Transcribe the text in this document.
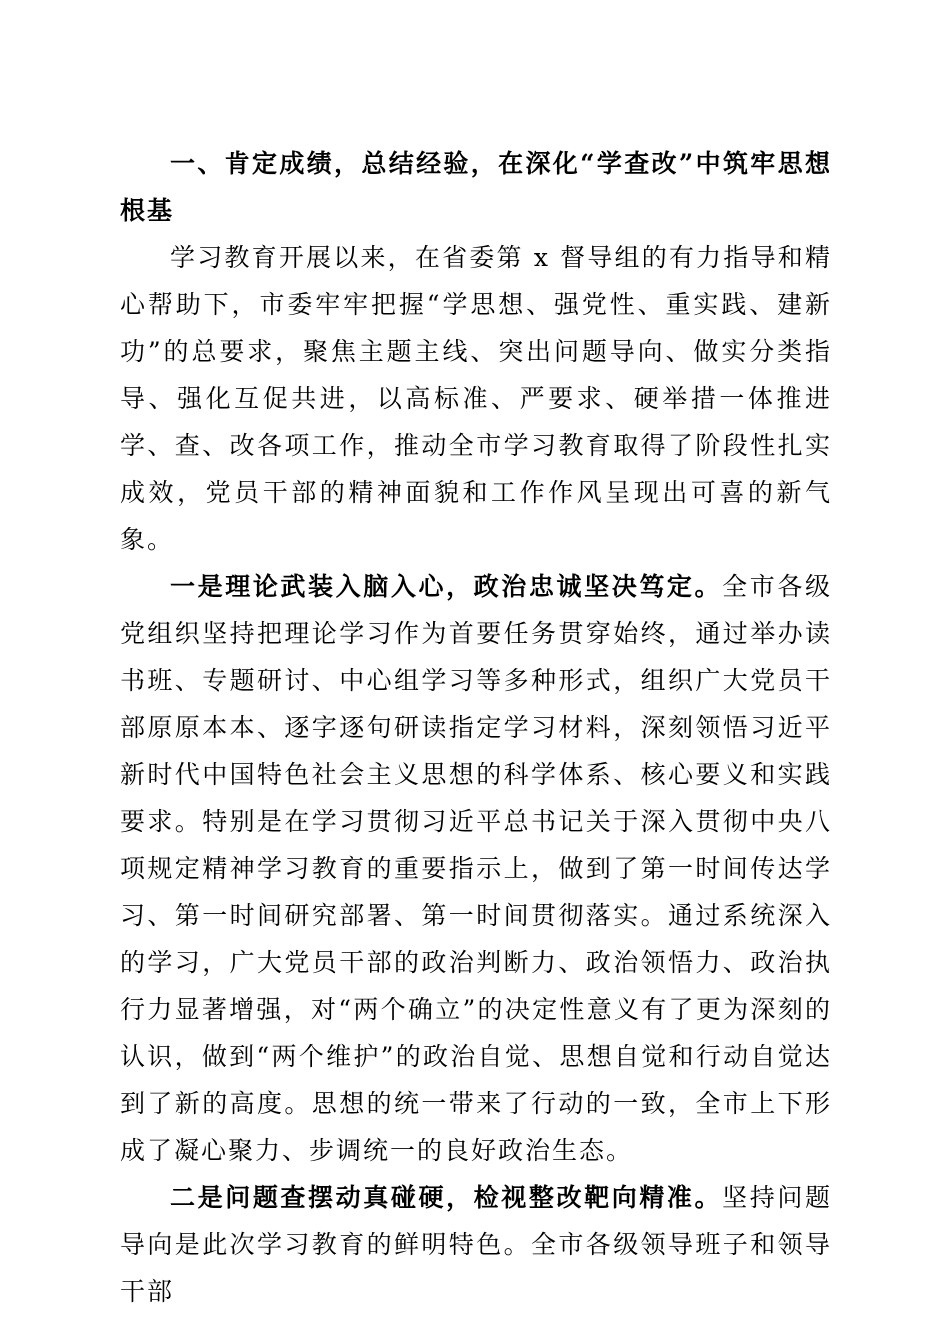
一、肯定成绩，总结经验，在深化“学查改”中筑牢思想根基

学习教育开展以来，在省委第 x 督导组的有力指导和精心帮助下，市委牢牢把握“学思想、强党性、重实践、建新功”的总要求，聚焦主题主线、突出问题导向、做实分类指导、强化互促共进，以高标准、严要求、硬举措一体推进学、查、改各项工作，推动全市学习教育取得了阶段性扎实成效，党员干部的精神面貌和工作作风呈现出可喜的新气象。

一是理论武装入脑入心，政治忠诚坚决笃定。全市各级党组织坚持把理论学习作为首要任务贯穿始终，通过举办读书班、专题研讨、中心组学习等多种形式，组织广大党员干部原原本本、逐字逐句研读指定学习材料，深刻领悟习近平新时代中国特色社会主义思想的科学体系、核心要义和实践要求。特别是在学习贯彻习近平总书记关于深入贯彻中央八项规定精神学习教育的重要指示上，做到了第一时间传达学习、第一时间研究部署、第一时间贯彻落实。通过系统深入的学习，广大党员干部的政治判断力、政治领悟力、政治执行力显著增强，对“两个确立”的决定性意义有了更为深刻的认识，做到“两个维护”的政治自觉、思想自觉和行动自觉达到了新的高度。思想的统一带来了行动的一致，全市上下形成了凝心聚力、步调统一的良好政治生态。

二是问题查摆动真碰硬，检视整改靶向精准。坚持问题导向是此次学习教育的鲜明特色。全市各级领导班子和领导干部
